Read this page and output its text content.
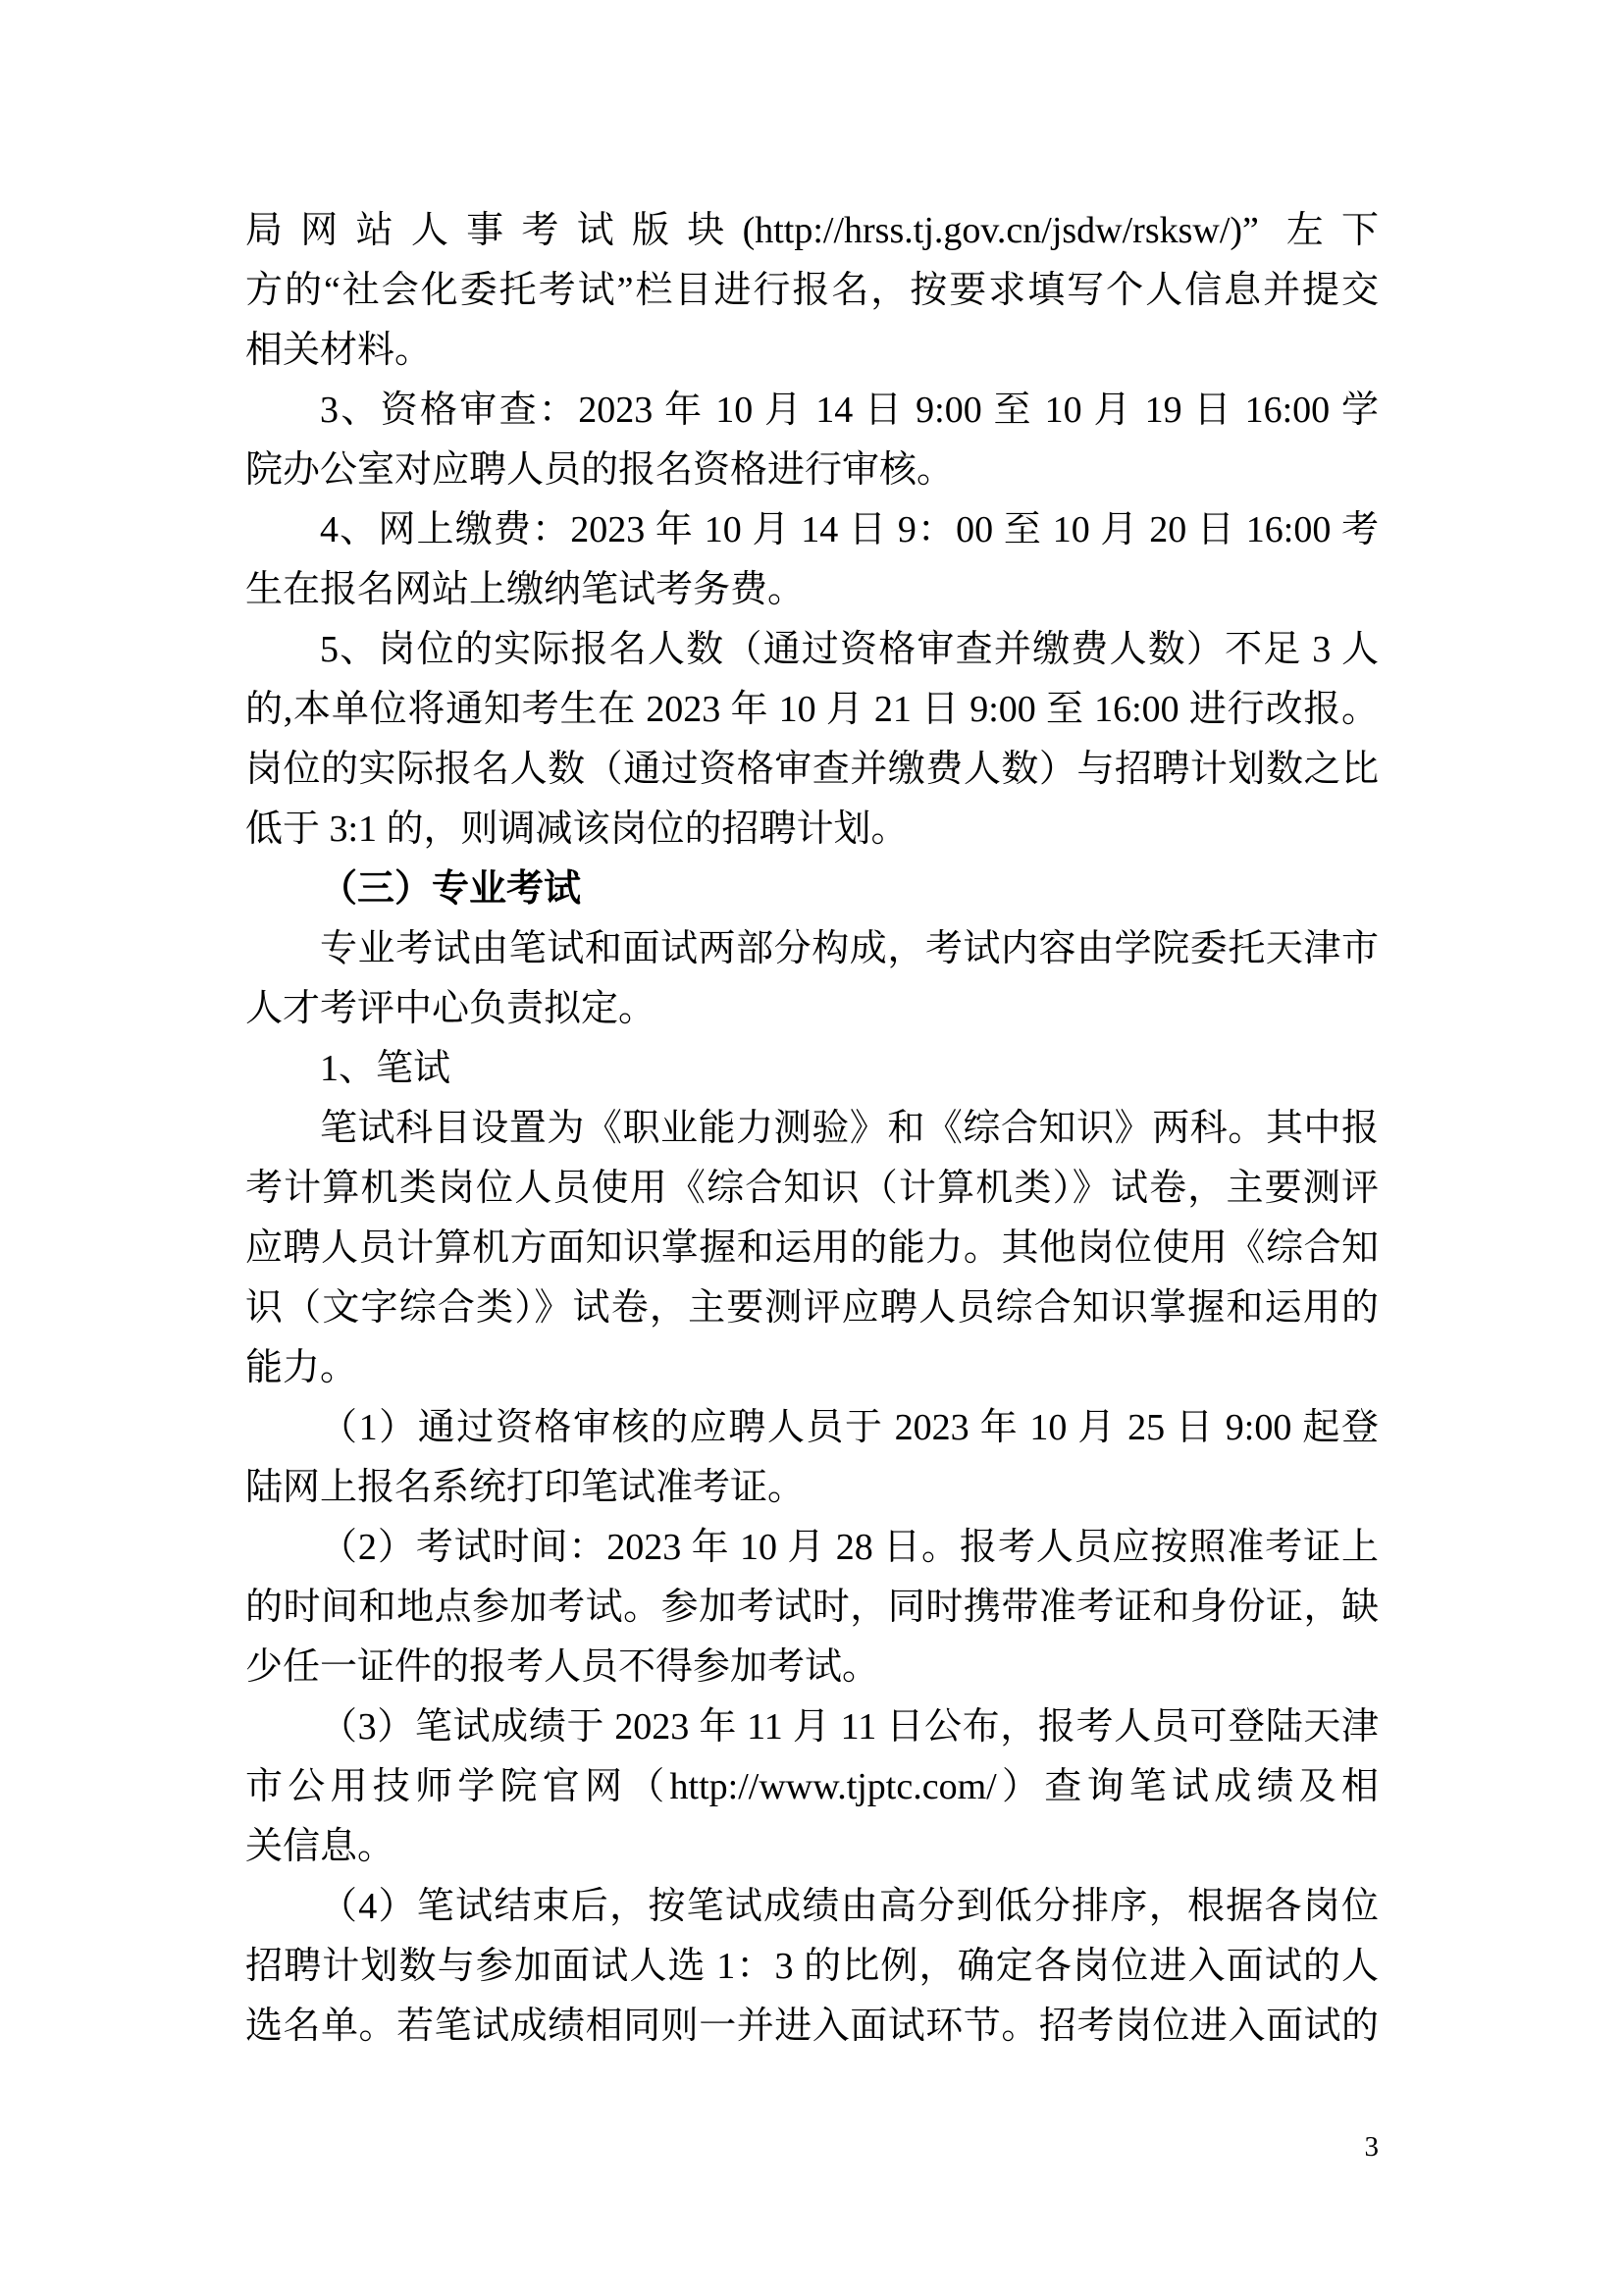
局网站人事考试版块(http://hrss.tj.gov.cn/jsdw/rsksw/)” 左下
方的“社会化委托考试”栏目进行报名，按要求填写个人信息并提交
相关材料。
3、资格审查：2023 年 10 月 14 日 9:00 至 10 月 19 日 16:00 学
院办公室对应聘人员的报名资格进行审核。
4、网上缴费：2023 年 10 月 14 日 9：00 至 10 月 20 日 16:00 考
生在报名网站上缴纳笔试考务费。
5、岗位的实际报名人数（通过资格审查并缴费人数）不足 3 人
的,本单位将通知考生在 2023 年 10 月 21 日 9:00 至 16:00 进行改报。
岗位的实际报名人数（通过资格审查并缴费人数）与招聘计划数之比
低于 3:1 的，则调减该岗位的招聘计划。
（三）专业考试
专业考试由笔试和面试两部分构成，考试内容由学院委托天津市
人才考评中心负责拟定。
1、笔试
笔试科目设置为《职业能力测验》和《综合知识》两科。其中报
考计算机类岗位人员使用《综合知识（计算机类）》试卷，主要测评
应聘人员计算机方面知识掌握和运用的能力。其他岗位使用《综合知
识（文字综合类）》试卷，主要测评应聘人员综合知识掌握和运用的
能力。
（1）通过资格审核的应聘人员于 2023 年 10 月 25 日 9:00 起登
陆网上报名系统打印笔试准考证。
（2）考试时间：2023 年 10 月 28 日。报考人员应按照准考证上
的时间和地点参加考试。参加考试时，同时携带准考证和身份证，缺
少任一证件的报考人员不得参加考试。
（3）笔试成绩于 2023 年 11 月 11 日公布，报考人员可登陆天津
市公用技师学院官网（http://www.tjptc.com/）查询笔试成绩及相
关信息。
（4）笔试结束后，按笔试成绩由高分到低分排序，根据各岗位
招聘计划数与参加面试人选 1：3 的比例，确定各岗位进入面试的人
选名单。若笔试成绩相同则一并进入面试环节。招考岗位进入面试的
3
